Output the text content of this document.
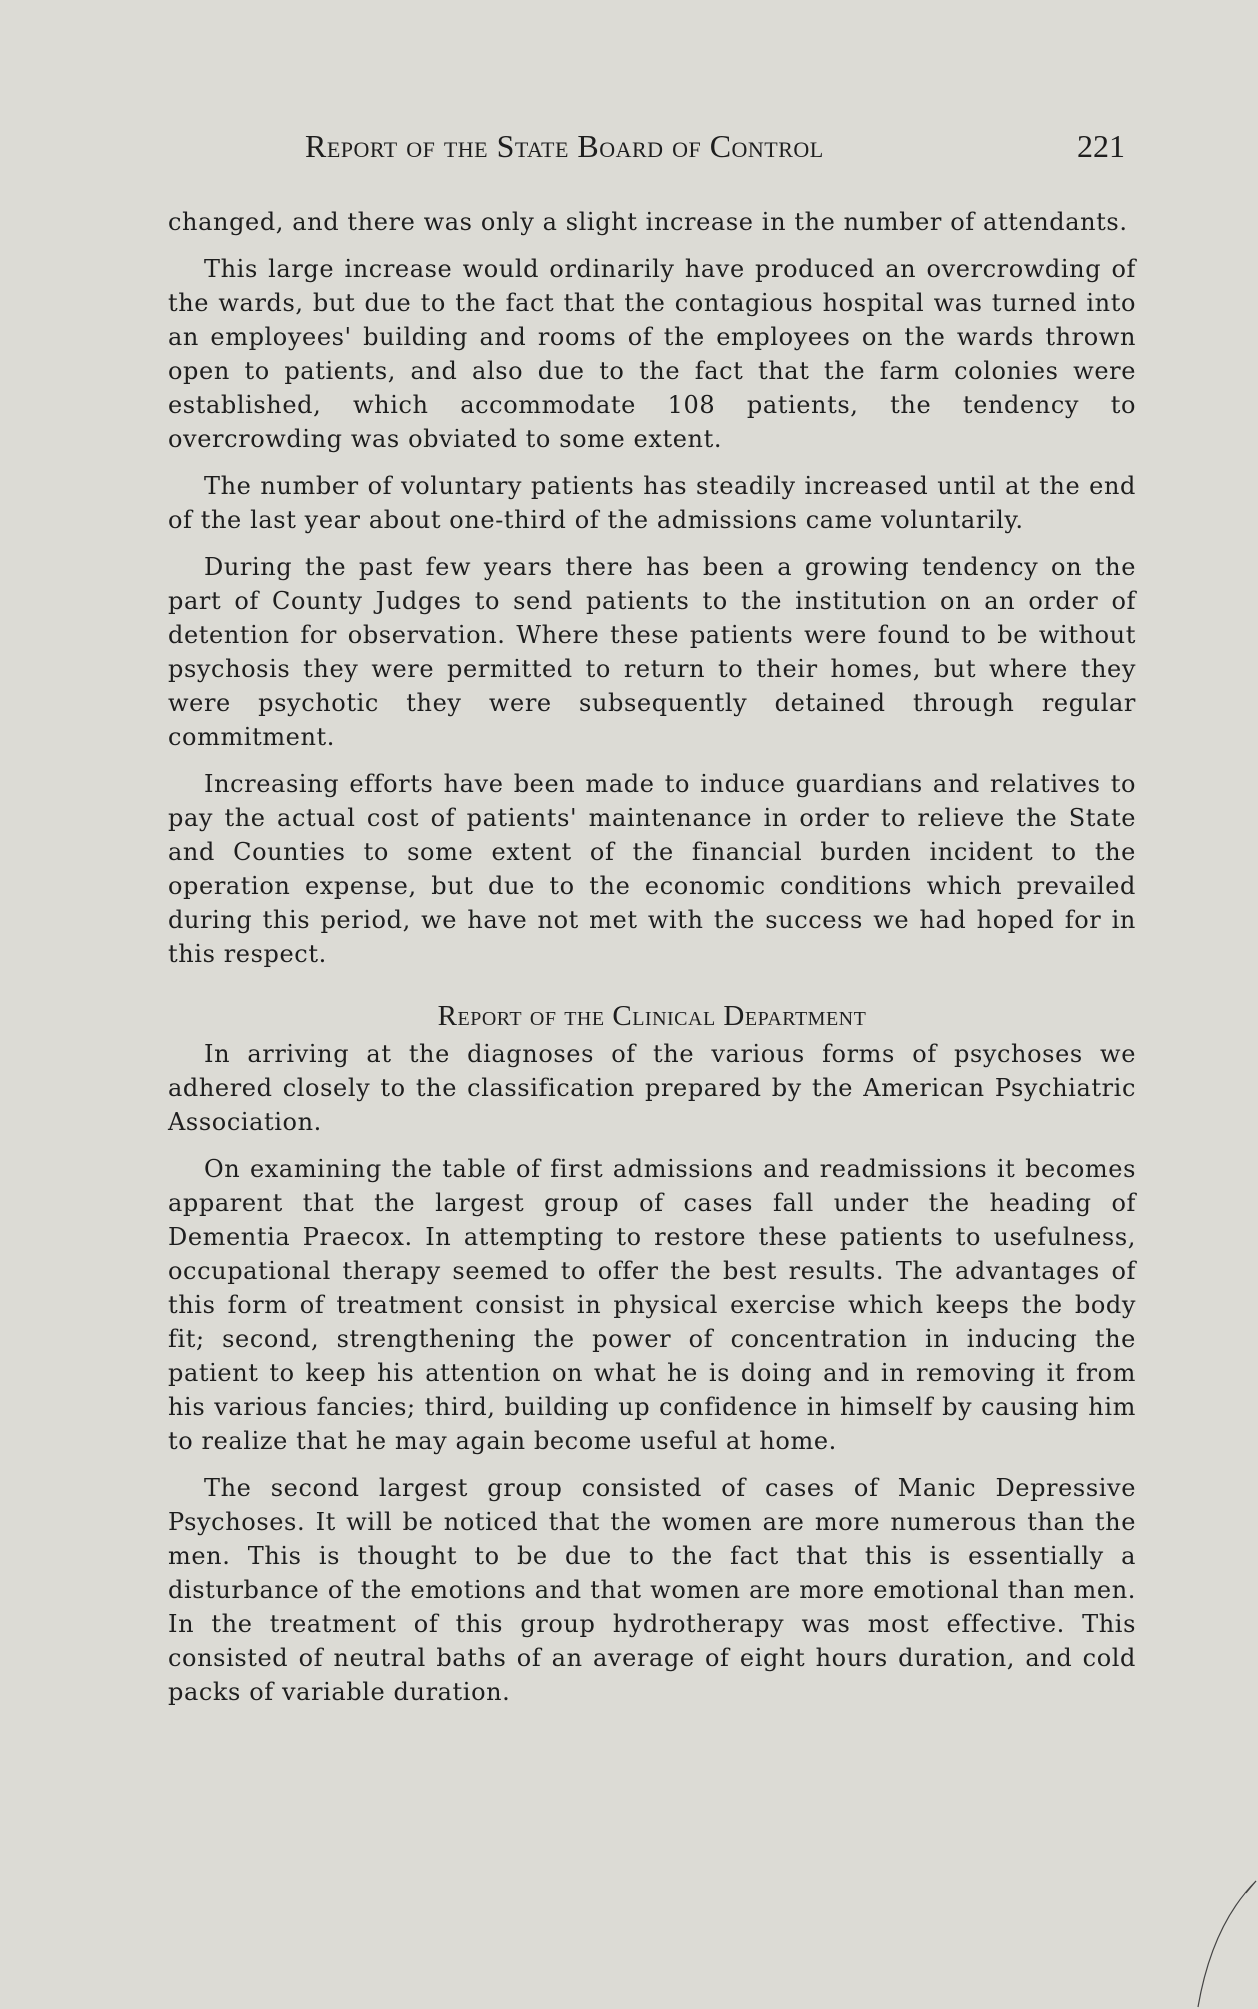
Report of the State Board of Control	221

changed, and there was only a slight increase in the number of attendants.

This large increase would ordinarily have produced an overcrowding of the wards, but due to the fact that the contagious hospital was turned into an employees' building and rooms of the employees on the wards thrown open to patients, and also due to the fact that the farm colonies were established, which accommodate 108 patients, the tendency to overcrowding was obviated to some extent.

The number of voluntary patients has steadily increased until at the end of the last year about one-third of the admissions came voluntarily.

During the past few years there has been a growing tendency on the part of County Judges to send patients to the institution on an order of detention for observation. Where these patients were found to be without psychosis they were permitted to return to their homes, but where they were psychotic they were subsequently detained through regular commitment.

Increasing efforts have been made to induce guardians and relatives to pay the actual cost of patients' maintenance in order to relieve the State and Counties to some extent of the financial burden incident to the operation expense, but due to the economic conditions which prevailed during this period, we have not met with the success we had hoped for in this respect.

Report of the Clinical Department

In arriving at the diagnoses of the various forms of psychoses we adhered closely to the classification prepared by the American Psychiatric Association.

On examining the table of first admissions and readmissions it becomes apparent that the largest group of cases fall under the heading of Dementia Praecox. In attempting to restore these patients to usefulness, occupational therapy seemed to offer the best results. The advantages of this form of treatment consist in physical exercise which keeps the body fit; second, strengthening the power of concentration in inducing the patient to keep his attention on what he is doing and in removing it from his various fancies; third, building up confidence in himself by causing him to realize that he may again become useful at home.

The second largest group consisted of cases of Manic Depressive Psychoses. It will be noticed that the women are more numerous than the men. This is thought to be due to the fact that this is essentially a disturbance of the emotions and that women are more emotional than men. In the treatment of this group hydrotherapy was most effective. This consisted of neutral baths of an average of eight hours duration, and cold packs of variable duration.
